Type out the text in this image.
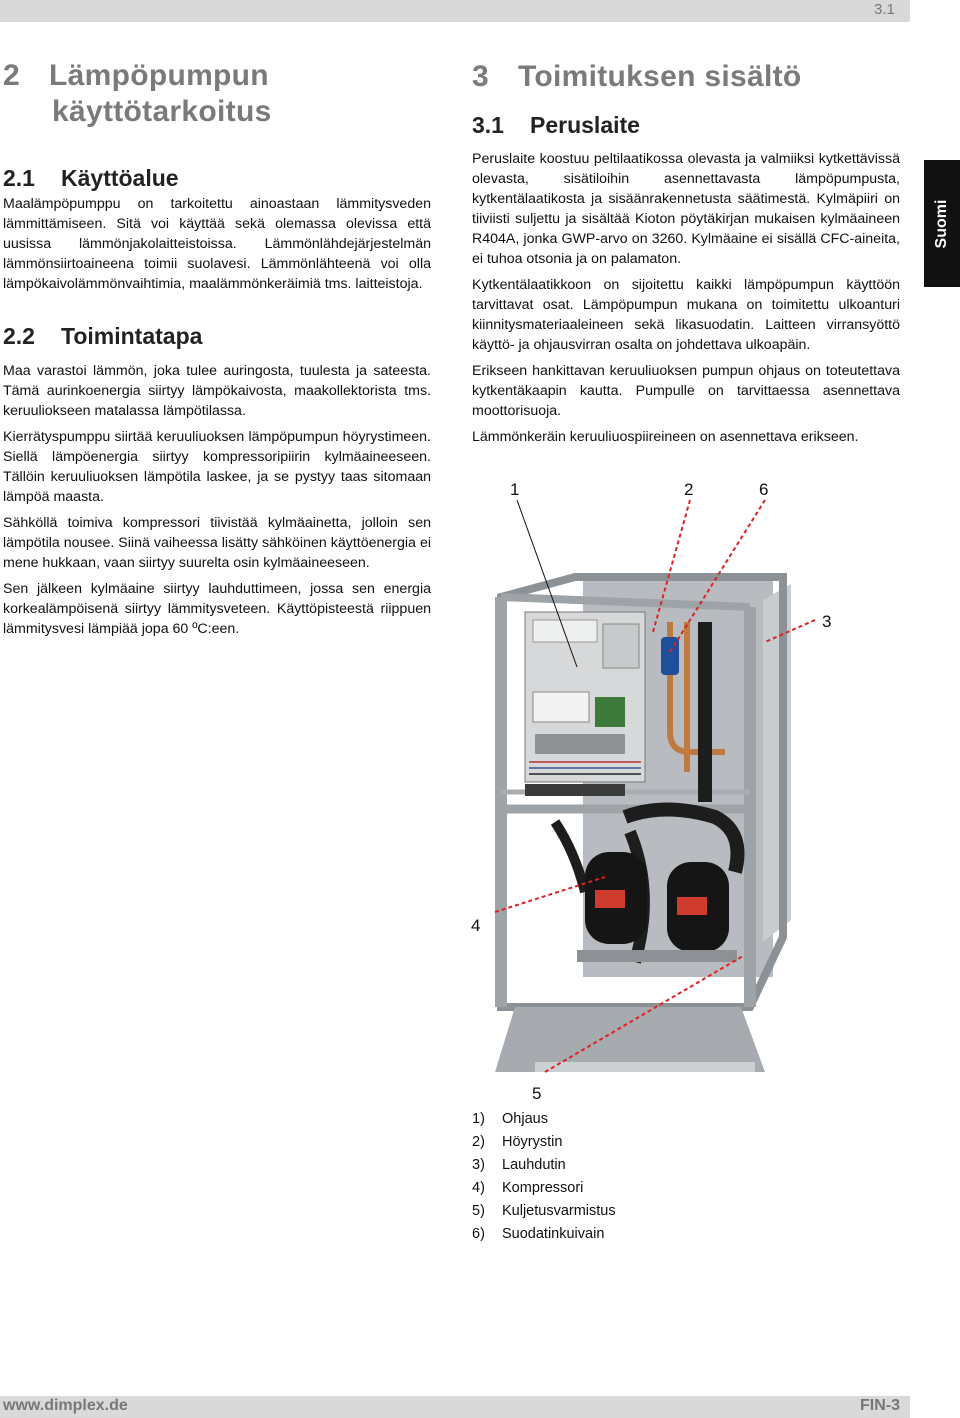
3.1
Suomi
2 Lämpöpumpun
käyttötarkoitus
2.1 Käyttöalue

Maalämpöpumppu on tarkoitettu ainoastaan lämmitysveden lämmittämiseen. Sitä voi käyttää sekä olemassa olevissa että uusissa lämmönjakolaitteistoissa. Lämmönlähdejärjestelmän lämmönsiirtoaineena toimii suolavesi. Lämmönlähteenä voi olla lämpökaivolämmönvaihtimia, maalämmönkeräimiä tms. laitteistoja.

2.2 Toimintatapa

Maa varastoi lämmön, joka tulee auringosta, tuulesta ja sateesta. Tämä aurinkoenergia siirtyy lämpökaivosta, maakollektorista tms. keruuliokseen matalassa lämpötilassa.

Kierrätyspumppu siirtää keruuliuoksen lämpöpumpun höyrystimeen. Siellä lämpöenergia siirtyy kompressoripiirin kylmäaineeseen. Tällöin keruuliuoksen lämpötila laskee, ja se pystyy taas sitomaan lämpöä maasta.

Sähköllä toimiva kompressori tiivistää kylmäainetta, jolloin sen lämpötila nousee. Siinä vaiheessa lisätty sähköinen käyttöenergia ei mene hukkaan, vaan siirtyy suurelta osin kylmäaineeseen.

Sen jälkeen kylmäaine siirtyy lauhduttimeen, jossa sen energia korkealämpöisenä siirtyy lämmitysveteen. Käyttöpisteestä riippuen lämmitysvesi lämpiää jopa 60 ºC:een.

3 Toimituksen sisältö
3.1 Peruslaite

Peruslaite koostuu peltilaatikossa olevasta ja valmiiksi kytkettävissä olevasta, sisätiloihin asennettavasta lämpöpumpusta, kytkentälaatikosta ja sisäänrakennetusta säätimestä. Kylmäpiiri on tiiviisti suljettu ja sisältää Kioton pöytäkirjan mukaisen kylmäaineen R404A, jonka GWP-arvo on 3260. Kylmäaine ei sisällä CFC-aineita, ei tuhoa otsonia ja on palamaton.

Kytkentälaatikkoon on sijoitettu kaikki lämpöpumpun käyttöön tarvittavat osat. Lämpöpumpun mukana on toimitettu ulkoanturi kiinnitysmateriaaleineen sekä likasuodatin. Laitteen virransyöttö käyttö- ja ohjausvirran osalta on johdettava ulkoapäin.

Erikseen hankittavan keruuliuoksen pumpun ohjaus on toteutettava kytkentäkaapin kautta. Pumpulle on tarvittaessa asennettava moottorisuoja.

Lämmönkeräin keruuliuospiireineen on asennettava erikseen.

1	2	6
3
4
5
1)	Ohjaus
2)	Höyrystin
3)	Lauhdutin
4)	Kompressori
5)	Kuljetusvarmistus
6)	Suodatinkuivain
www.dimplex.de	FIN-3
